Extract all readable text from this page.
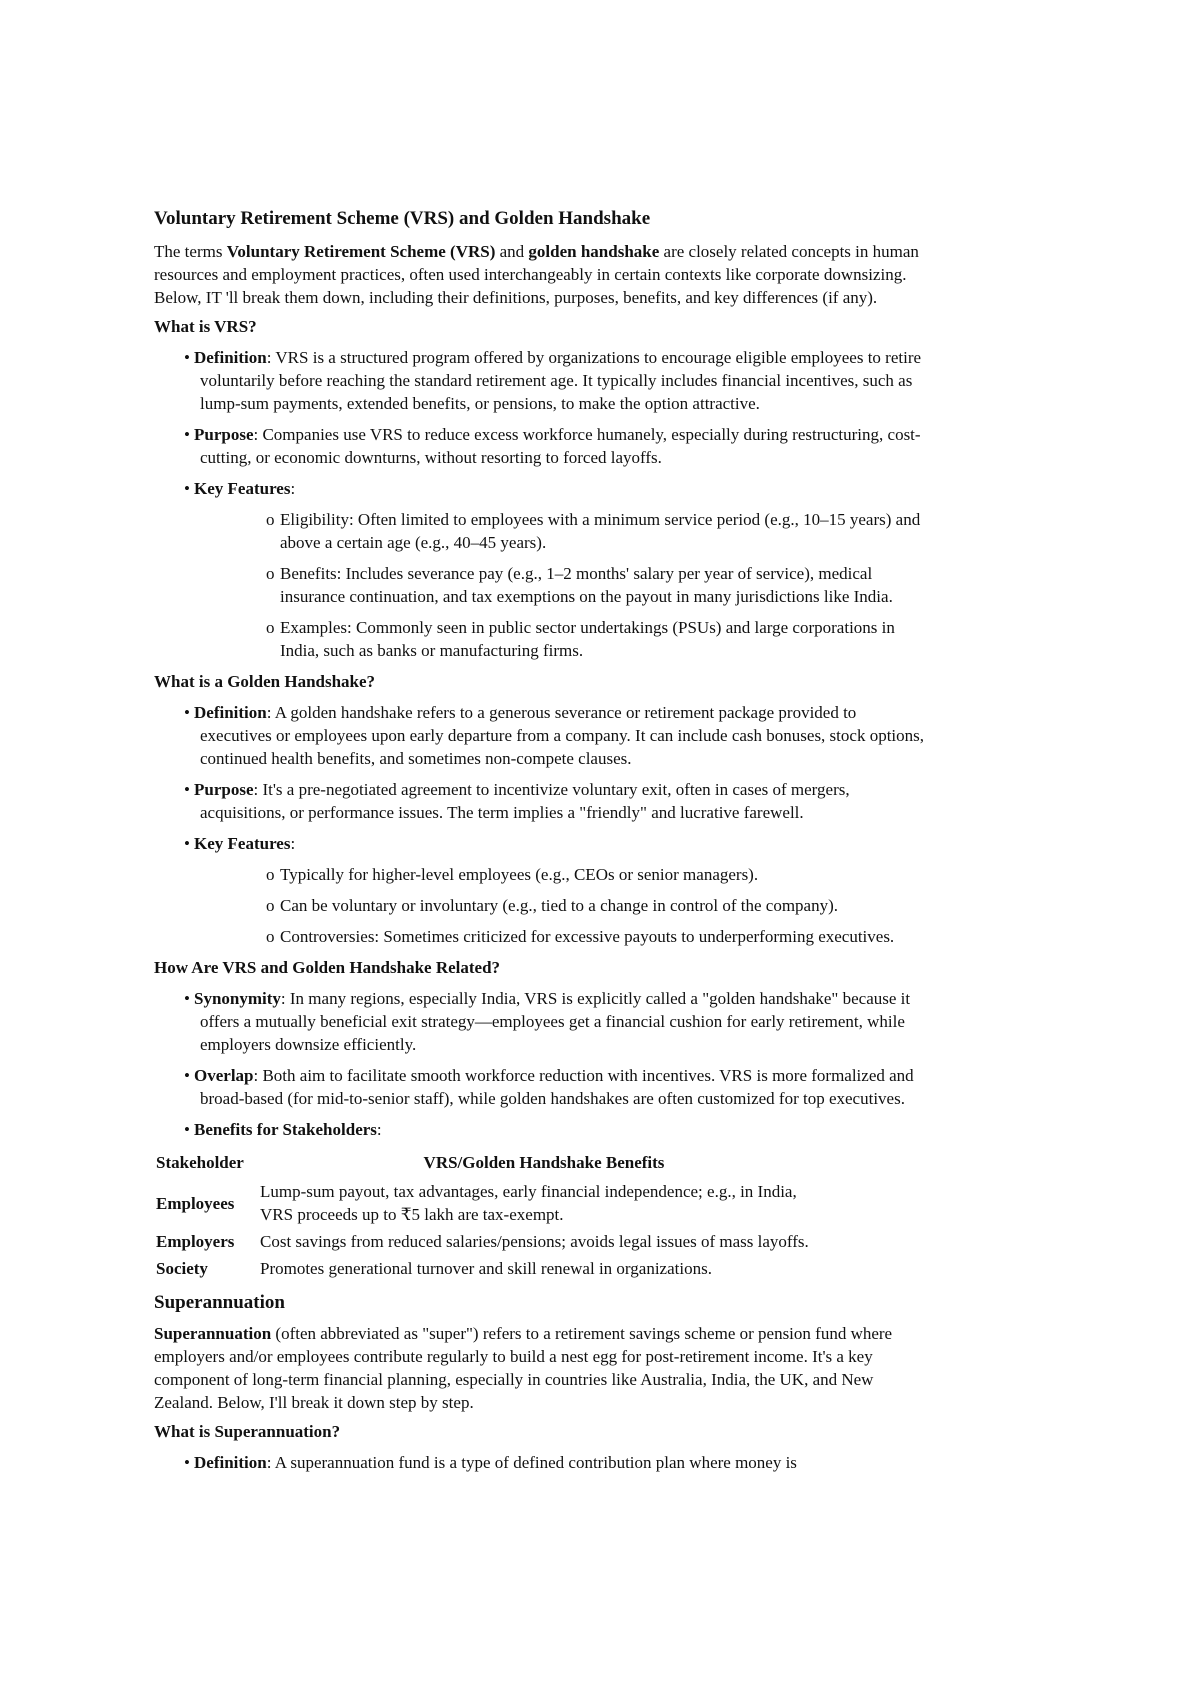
Voluntary Retirement Scheme (VRS) and Golden Handshake

The terms Voluntary Retirement Scheme (VRS) and golden handshake are closely related concepts in human resources and employment practices, often used interchangeably in certain contexts like corporate downsizing. Below, IT 'll break them down, including their definitions, purposes, benefits, and key differences (if any).

What is VRS?
• Definition: VRS is a structured program offered by organizations to encourage eligible employees to retire voluntarily before reaching the standard retirement age. It typically includes financial incentives, such as lump-sum payments, extended benefits, or pensions, to make the option attractive.
• Purpose: Companies use VRS to reduce excess workforce humanely, especially during restructuring, cost-cutting, or economic downturns, without resorting to forced layoffs.
• Key Features:
o Eligibility: Often limited to employees with a minimum service period (e.g., 10–15 years) and above a certain age (e.g., 40–45 years).
o Benefits: Includes severance pay (e.g., 1–2 months' salary per year of service), medical insurance continuation, and tax exemptions on the payout in many jurisdictions like India.
o Examples: Commonly seen in public sector undertakings (PSUs) and large corporations in India, such as banks or manufacturing firms.
What is a Golden Handshake?
• Definition: A golden handshake refers to a generous severance or retirement package provided to executives or employees upon early departure from a company. It can include cash bonuses, stock options, continued health benefits, and sometimes non-compete clauses.
• Purpose: It's a pre-negotiated agreement to incentivize voluntary exit, often in cases of mergers, acquisitions, or performance issues. The term implies a "friendly" and lucrative farewell.
• Key Features:
o Typically for higher-level employees (e.g., CEOs or senior managers).
o Can be voluntary or involuntary (e.g., tied to a change in control of the company).
o Controversies: Sometimes criticized for excessive payouts to underperforming executives.
How Are VRS and Golden Handshake Related?
• Synonymity: In many regions, especially India, VRS is explicitly called a "golden handshake" because it offers a mutually beneficial exit strategy—employees get a financial cushion for early retirement, while employers downsize efficiently.
• Overlap: Both aim to facilitate smooth workforce reduction with incentives. VRS is more formalized and broad-based (for mid-to-senior staff), while golden handshakes are often customized for top executives.
• Benefits for Stakeholders:
Stakeholder	VRS/Golden Handshake Benefits
Employees	Lump-sum payout, tax advantages, early financial independence; e.g., in India, VRS proceeds up to ₹5 lakh are tax-exempt.
Employers	Cost savings from reduced salaries/pensions; avoids legal issues of mass layoffs.
Society	Promotes generational turnover and skill renewal in organizations.
Superannuation

Superannuation (often abbreviated as "super") refers to a retirement savings scheme or pension fund where employers and/or employees contribute regularly to build a nest egg for post-retirement income. It's a key component of long-term financial planning, especially in countries like Australia, India, the UK, and New Zealand. Below, I'll break it down step by step.

What is Superannuation?
• Definition: A superannuation fund is a type of defined contribution plan where money is
